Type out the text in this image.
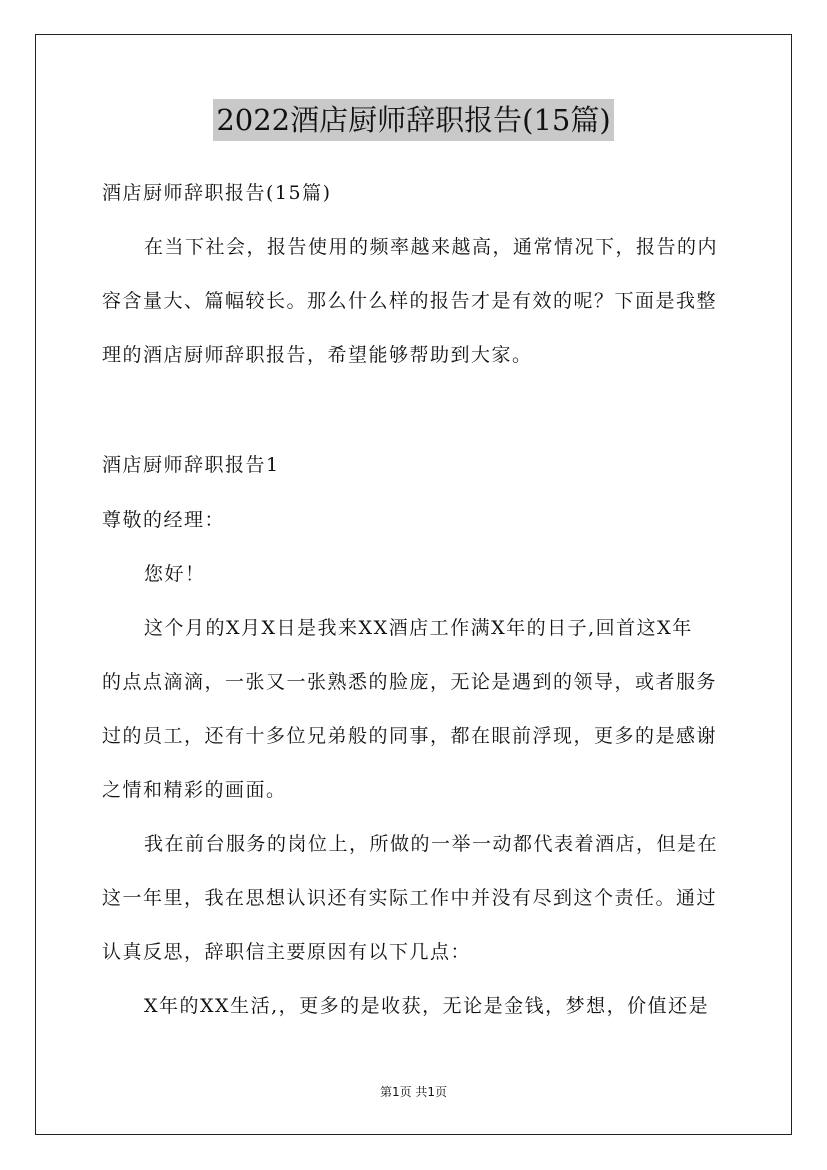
2022酒店厨师辞职报告(15篇)
酒店厨师辞职报告(15篇)
在当下社会，报告使用的频率越来越高，通常情况下，报告的内
容含量大、篇幅较长。那么什么样的报告才是有效的呢？下面是我整
理的酒店厨师辞职报告，希望能够帮助到大家。
酒店厨师辞职报告1
尊敬的经理：
您好！
这个月的X月X日是我来XX酒店工作满X年的日子,回首这X年
的点点滴滴，一张又一张熟悉的脸庞，无论是遇到的领导，或者服务
过的员工，还有十多位兄弟般的同事，都在眼前浮现，更多的是感谢
之情和精彩的画面。
我在前台服务的岗位上，所做的一举一动都代表着酒店，但是在
这一年里，我在思想认识还有实际工作中并没有尽到这个责任。通过
认真反思，辞职信主要原因有以下几点：
X年的XX生活,，更多的是收获，无论是金钱，梦想，价值还是
第1页 共1页
